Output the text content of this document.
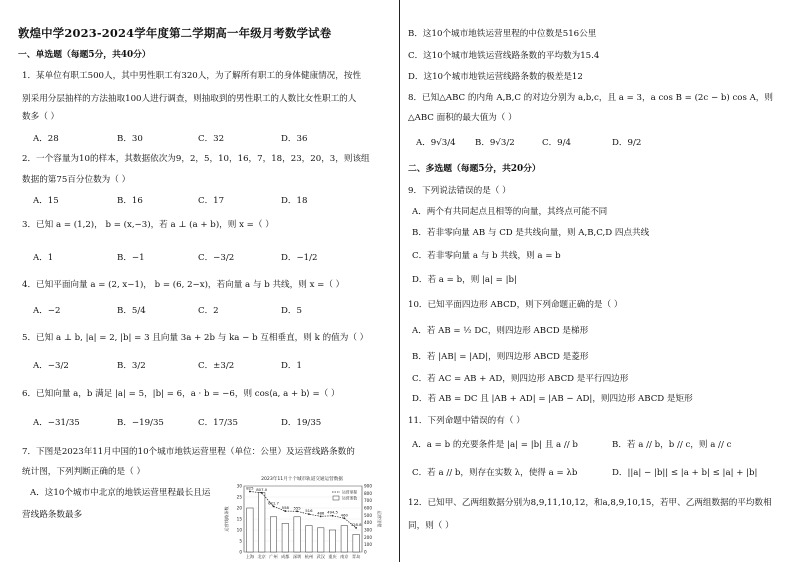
敦煌中学2023-2024学年度第二学期高一年级月考数学试卷
一、单选题（每题5分，共40分）
1．某单位有职工500人，其中男性职工有320人，为了解所有职工的身体健康情况，按性
别采用分层抽样的方法抽取100人进行调查，则抽取到的男性职工的人数比女性职工的人
数多（ ）
A．28	B．30	C．32	D．36
2．一个容量为10的样本，其数据依次为9，2，5，10，16，7，18，23，20，3，则该组
数据的第75百分位数为（ ）
A．15	B．16	C．17	D．18
3．已知 a = (1,2)， b = (x,−3)，若 a ⊥ (a + b)，则 x =（ ）
A．1	B．−1	C．−3/2	D．−1/2
4．已知平面向量 a = (2, x−1)， b = (6, 2−x)，若向量 a 与 b 共线，则 x =（ ）
A．−2	B．5/4	C．2	D．5
5．已知 a ⊥ b, |a| = 2, |b| = 3 且向量 3a + 2b 与 ka − b 互相垂直，则 k 的值为（ ）
A．−3/2	B．3/2	C．±3/2	D．1
6．已知向量 a，b 满足 |a| = 5，|b| = 6，a · b = −6，则 cos⟨a, a + b⟩ =（ ）
A．−31/35	B．−19/35	C．17/35	D．19/35
7．下图是2023年11月中国的10个城市地铁运营里程（单位：公里）及运营线路条数的
统计图，下列判断正确的是（ ）
A．这10个城市中北京的地铁运营里程最长且运
营线路条数最多
2023年11月十个城市轨道交通运营数据
30
25
20
15
10
5
0
900
800
700
600
500
400
300
200
100
0
运营线路条数	运营里程
上海 北京 广州 成都 深圳 杭州 武汉 重庆 南京 青岛
825 807.0
621.7
558 555
516 486 494.5
460
328.8
运营里程
运营条数
B．这10个城市地铁运营里程的中位数是516公里
C．这10个城市地铁运营线路条数的平均数为15.4
D．这10个城市地铁运营线路条数的极差是12
8．已知△ABC 的内角 A,B,C 的对边分别为 a,b,c，且 a = 3，a cos B = (2c − b) cos A，则
△ABC 面积的最大值为（ ）
A．9√3/4 B．9√3/2	C．9/4	D．9/2
二、多选题（每题5分，共20分）
9．下列说法错误的是（ ）
A．两个有共同起点且相等的向量，其终点可能不同
B．若非零向量 AB 与 CD 是共线向量，则 A,B,C,D 四点共线
C．若非零向量 a 与 b 共线，则 a = b
D．若 a = b，则 |a| = |b|
10．已知平面四边形 ABCD，则下列命题正确的是（ ）
A．若 AB = ½ DC，则四边形 ABCD 是梯形
B．若 |AB| = |AD|，则四边形 ABCD 是菱形
C．若 AC = AB + AD，则四边形 ABCD 是平行四边形
D．若 AB = DC 且 |AB + AD| = |AB − AD|，则四边形 ABCD 是矩形
11．下列命题中错误的有（ ）
A．a = b 的充要条件是 |a| = |b| 且 a // b	B．若 a // b，b // c，则 a // c
C．若 a // b，则存在实数 λ，使得 a = λb	D．||a| − |b|| ≤ |a + b| ≤ |a| + |b|
12．已知甲、乙两组数据分别为8,9,11,10,12，和a,8,9,10,15，若甲、乙两组数据的平均数相
同，则（ ）
